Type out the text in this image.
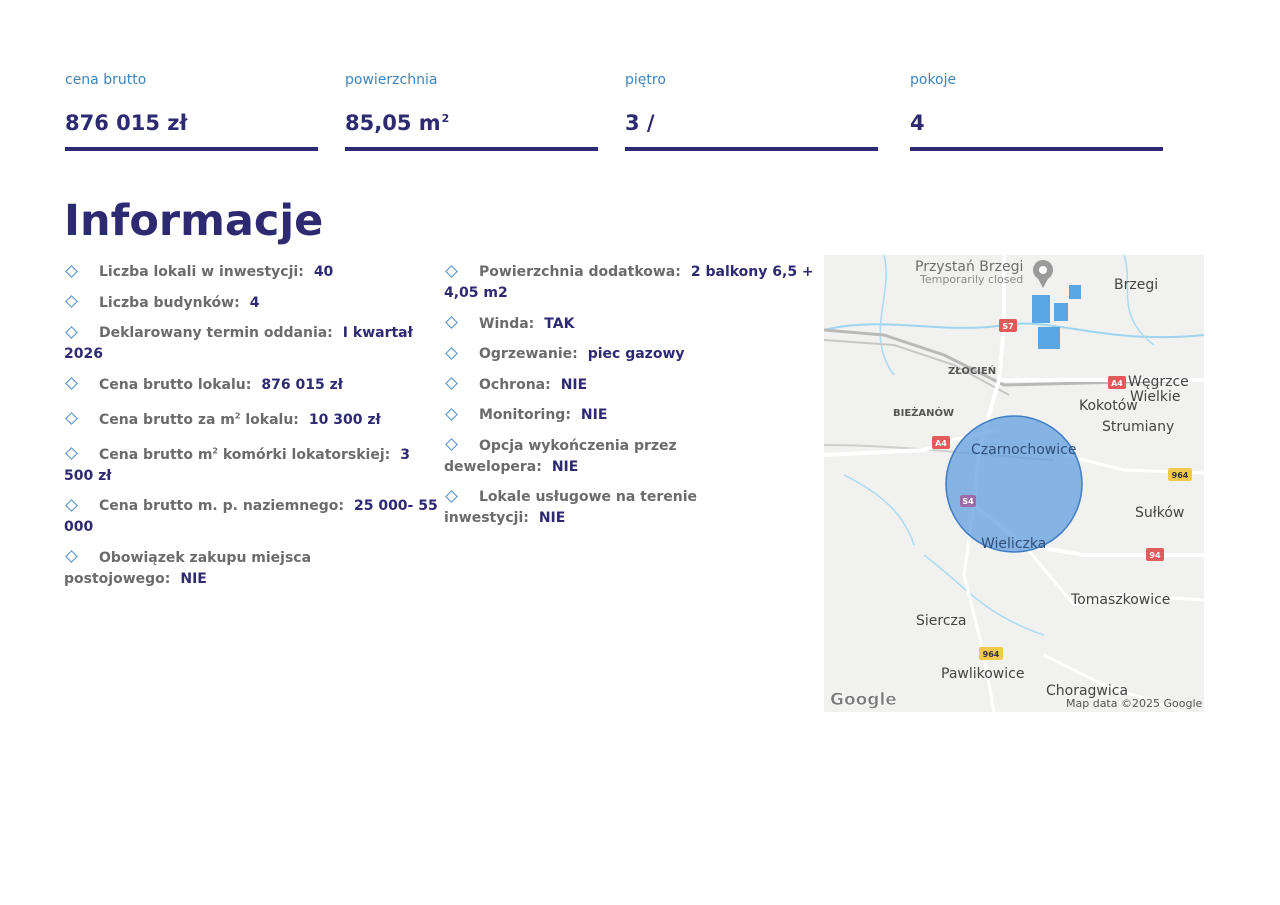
cena brutto
876 015 zł
powierzchnia
85,05 $m^2$
piętro
3 /
pokoje
4
Informacje
Liczba lokali w inwestycji: 40
Liczba budynków: 4
Deklarowany termin oddania: I kwartał 2026
Cena brutto lokalu: 876 015 zł
Cena brutto za $m^2$ lokalu: 10 300 zł
Cena brutto $m^2$ komórki lokatorskiej: 3 500 zł
Cena brutto m. p. naziemnego: 25 000- 55 000
Obowiązek zakupu miejsca postojowego: NIE
Powierzchnia dodatkowa: 2 balkony 6,5 + 4,05 m2
Winda: TAK
Ogrzewanie: piec gazowy
Ochrona: NIE
Monitoring: NIE
Opcja wykończenia przez dewelopera: NIE
Lokale usługowe na terenie inwestycji: NIE
S7
A4
A4
964
S4
94
964
Przystań Brzegi
Temporarily closed	Brzegi
ZŁOCIEŃ
Węgrzce
Wielkie
BIEŻANÓW	Kokotów
Strumiany
Czarnochowice
Sułków
Wieliczka
Tomaszkowice
Siercza
Pawlikowice
Choragwica
Google	Map data ©2025 Google
